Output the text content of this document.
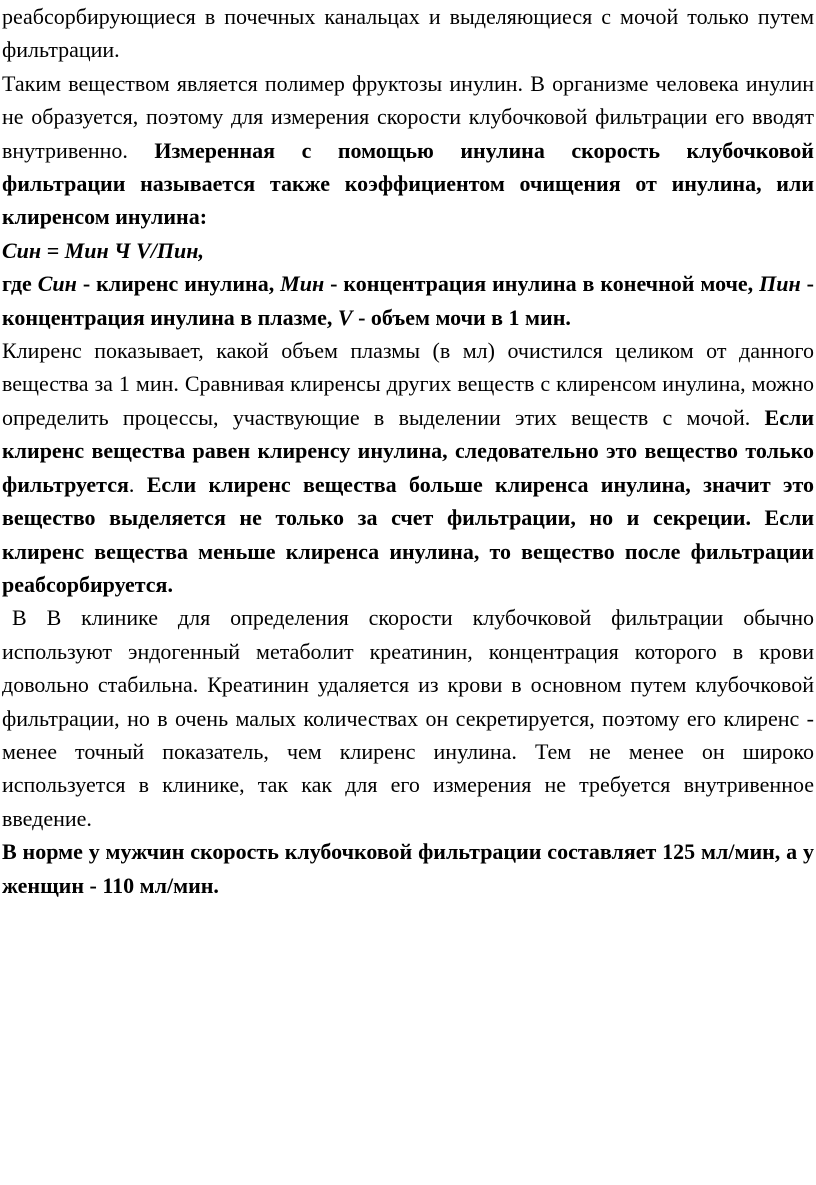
реабсорбирующиеся в почечных канальцах и выделяющиеся с мочой только путем фильтрации.

Таким веществом является полимер фруктозы инулин. В организме человека инулин не образуется, поэтому для измерения скорости клубочковой фильтрации его вводят внутривенно. Измеренная с помощью инулина скорость клубочковой фильтрации называется также коэффициентом очищения от инулина, или клиренсом инулина:

Син = Мин Ч V/Пин,

где Син - клиренс инулина, Мин - концентрация инулина в конечной моче, Пин - концентрация инулина в плазме, V - объем мочи в 1 мин.

Клиренс показывает, какой объем плазмы (в мл) очистился целиком от данного вещества за 1 мин. Сравнивая клиренсы других веществ с клиренсом инулина, можно определить процессы, участвующие в выделении этих веществ с мочой. Если клиренс вещества равен клиренсу инулина, следовательно это вещество только фильтруется. Если клиренс вещества больше клиренса инулина, значит это вещество выделяется не только за счет фильтрации, но и секреции. Если клиренс вещества меньше клиренса инулина, то вещество после фильтрации реабсорбируется.

В В клинике для определения скорости клубочковой фильтрации обычно используют эндогенный метаболит креатинин, концентрация которого в крови довольно стабильна. Креатинин удаляется из крови в основном путем клубочковой фильтрации, но в очень малых количествах он секретируется, поэтому его клиренс - менее точный показатель, чем клиренс инулина. Тем не менее он широко используется в клинике, так как для его измерения не требуется внутривенное введение.

В норме у мужчин скорость клубочковой фильтрации составляет 125 мл/мин, а у женщин - 110 мл/мин.
